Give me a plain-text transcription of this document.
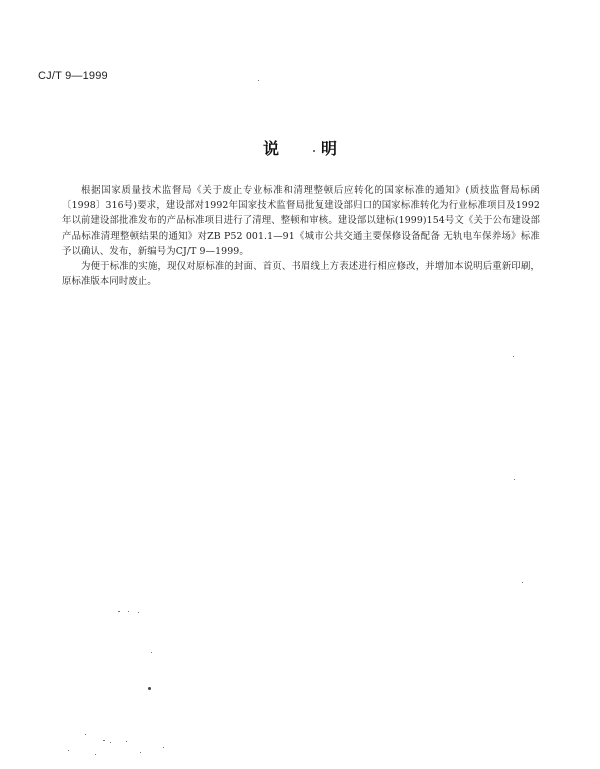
CJ/T 9—1999
说	明

根据国家质量技术监督局《关于废止专业标准和清理整顿后应转化的国家标准的通知》(质技监督局标函〔1998〕316号)要求，建设部对1992年国家技术监督局批复建设部归口的国家标准转化为行业标准项目及1992年以前建设部批准发布的产品标准项目进行了清理、整顿和审核。建设部以建标(1999)154号文《关于公布建设部产品标准清理整顿结果的通知》对ZB P52 001.1—91《城市公共交通主要保修设备配备 无轨电车保养场》标准予以确认、发布，新编号为CJ/T 9—1999。

为便于标准的实施，现仅对原标准的封面、首页、书眉线上方表述进行相应修改，并增加本说明后重新印刷，原标准版本同时废止。
